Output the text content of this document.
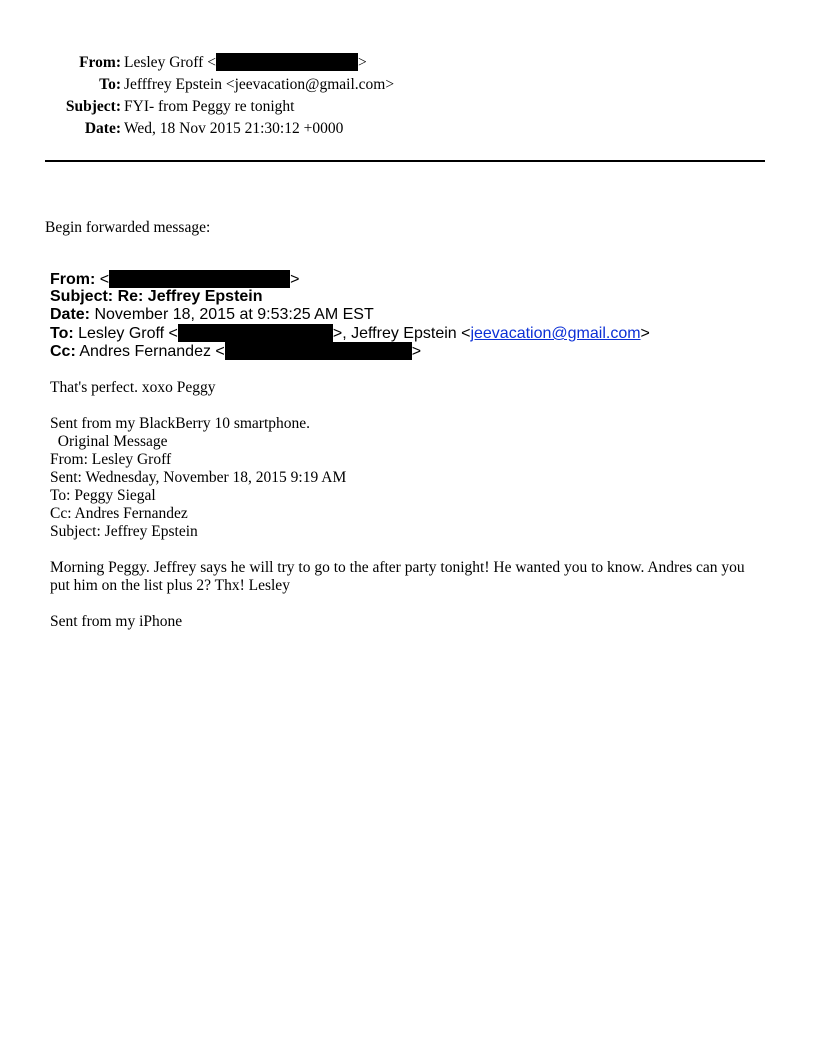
From: Lesley Groff <	>
To: Jefffrey Epstein <jeevacation@gmail.com>
Subject: FYI- from Peggy re tonight
Date: Wed, 18 Nov 2015 21:30:12 +0000
Begin forwarded message:
From: <	>
Subject: Re: Jeffrey Epstein
Date: November 18, 2015 at 9:53:25 AM EST
To: Lesley Groff <	>, Jeffrey Epstein <jeevacation@gmail.com>
Cc: Andres Fernandez <	>
That's perfect. xoxo Peggy
Sent from my BlackBerry 10 smartphone.
Original Message
From: Lesley Groff
Sent: Wednesday, November 18, 2015 9:19 AM
To: Peggy Siegal
Cc: Andres Fernandez
Subject: Jeffrey Epstein
Morning Peggy. Jeffrey says he will try to go to the after party tonight! He wanted you to know. Andres can you put him on the list plus 2? Thx! Lesley
Sent from my iPhone
